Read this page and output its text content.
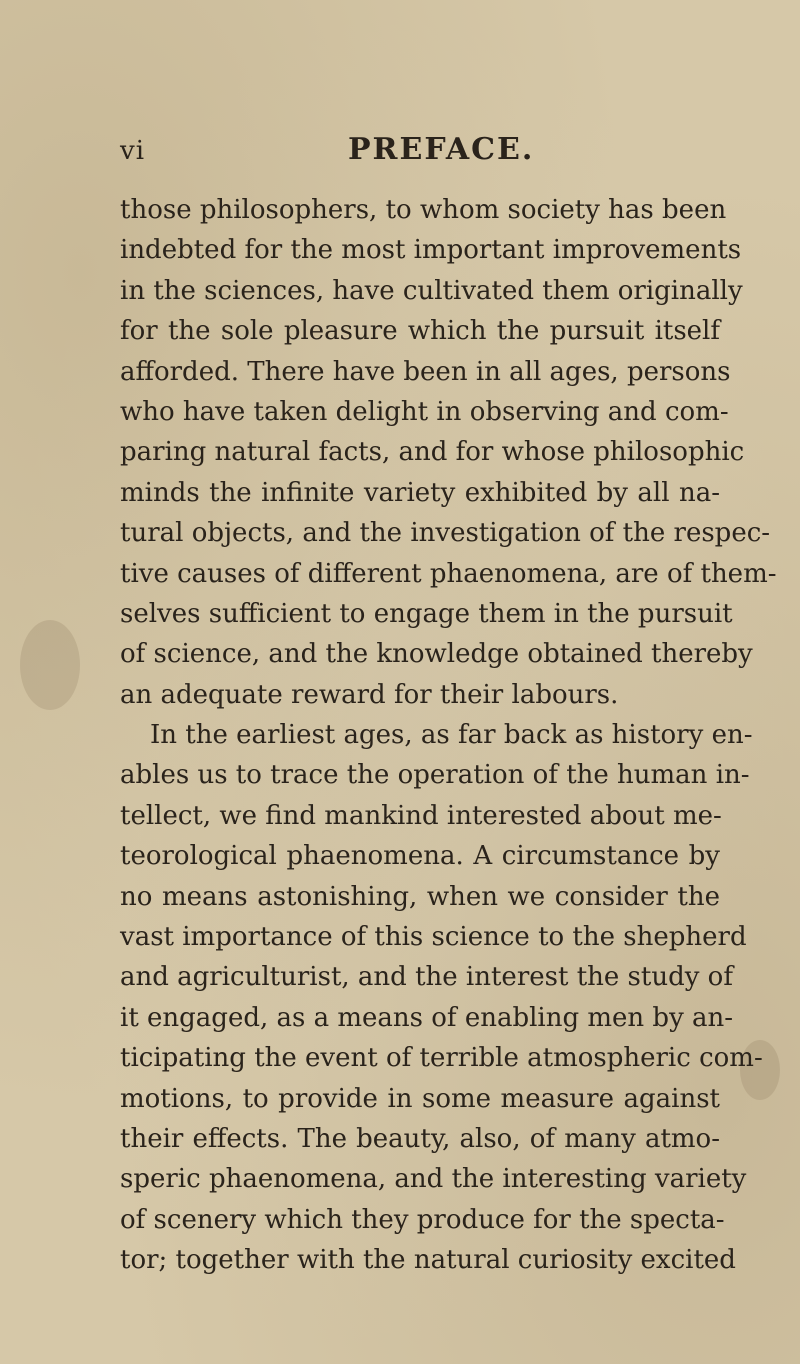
vi	PREFACE.
those philosophers, to whom society has been
indebted for the most important improvements
in the sciences, have cultivated them originally
for the sole pleasure which the pursuit itself
afforded. There have been in all ages, persons
who have taken delight in observing and com-
paring natural facts, and for whose philosophic
minds the infinite variety exhibited by all na-
tural objects, and the investigation of the respec-
tive causes of different phaenomena, are of them-
selves sufficient to engage them in the pursuit
of science, and the knowledge obtained thereby
an adequate reward for their labours.
In the earliest ages, as far back as history en-
ables us to trace the operation of the human in-
tellect, we find mankind interested about me-
teorological phaenomena. A circumstance by
no means astonishing, when we consider the
vast importance of this science to the shepherd
and agriculturist, and the interest the study of
it engaged, as a means of enabling men by an-
ticipating the event of terrible atmospheric com-
motions, to provide in some measure against
their effects. The beauty, also, of many atmo-
speric phaenomena, and the interesting variety
of scenery which they produce for the specta-
tor; together with the natural curiosity excited
